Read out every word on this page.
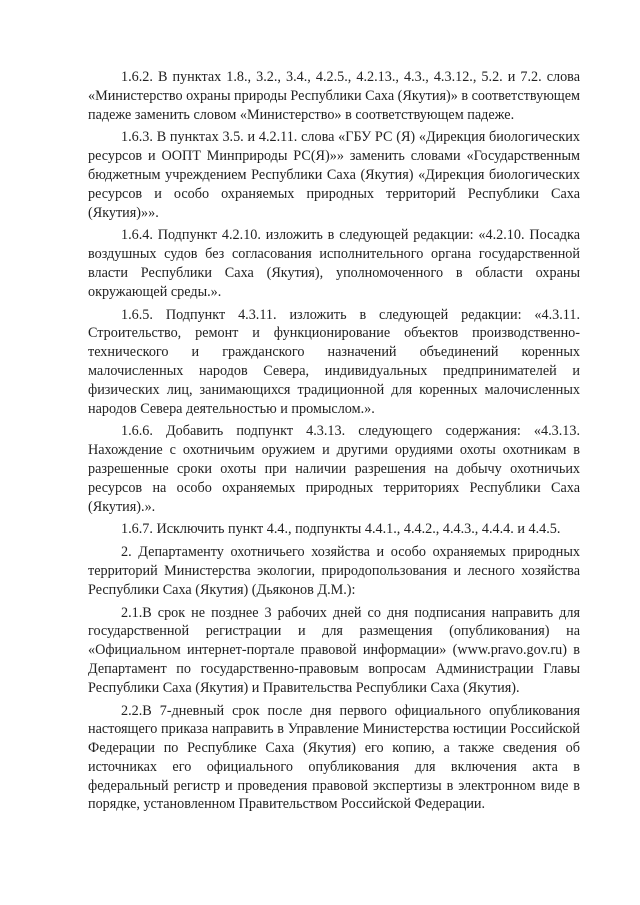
1.6.2. В пунктах 1.8., 3.2., 3.4., 4.2.5., 4.2.13., 4.3., 4.3.12., 5.2. и 7.2. слова «Министерство охраны природы Республики Саха (Якутия)» в соответствующем падеже заменить словом «Министерство» в соответствующем падеже.

1.6.3. В пунктах 3.5. и 4.2.11. слова «ГБУ РС (Я) «Дирекция биологических ресурсов и ООПТ Минприроды РС(Я)»» заменить словами «Государственным бюджетным учреждением Республики Саха (Якутия) «Дирекция биологических ресурсов и особо охраняемых природных территорий Республики Саха (Якутия)»».

1.6.4. Подпункт 4.2.10. изложить в следующей редакции: «4.2.10. Посадка воздушных судов без согласования исполнительного органа государственной власти Республики Саха (Якутия), уполномоченного в области охраны окружающей среды.».

1.6.5. Подпункт 4.3.11. изложить в следующей редакции: «4.3.11. Строительство, ремонт и функционирование объектов производственно-технического и гражданского назначений объединений коренных малочисленных народов Севера, индивидуальных предпринимателей и физических лиц, занимающихся традиционной для коренных малочисленных народов Севера деятельностью и промыслом.».

1.6.6. Добавить подпункт 4.3.13. следующего содержания: «4.3.13. Нахождение с охотничьим оружием и другими орудиями охоты охотникам в разрешенные сроки охоты при наличии разрешения на добычу охотничьих ресурсов на особо охраняемых природных территориях Республики Саха (Якутия).».

1.6.7. Исключить пункт 4.4., подпункты 4.4.1., 4.4.2., 4.4.3., 4.4.4. и 4.4.5.

2. Департаменту охотничьего хозяйства и особо охраняемых природных территорий Министерства экологии, природопользования и лесного хозяйства Республики Саха (Якутия) (Дьяконов Д.М.):

2.1.В срок не позднее 3 рабочих дней со дня подписания направить для государственной регистрации и для размещения (опубликования) на «Официальном интернет-портале правовой информации» (www.pravo.gov.ru) в Департамент по государственно-правовым вопросам Администрации Главы Республики Саха (Якутия) и Правительства Республики Саха (Якутия).

2.2.В 7-дневный срок после дня первого официального опубликования настоящего приказа направить в Управление Министерства юстиции Российской Федерации по Республике Саха (Якутия) его копию, а также сведения об источниках его официального опубликования для включения акта в федеральный регистр и проведения правовой экспертизы в электронном виде в порядке, установленном Правительством Российской Федерации.
